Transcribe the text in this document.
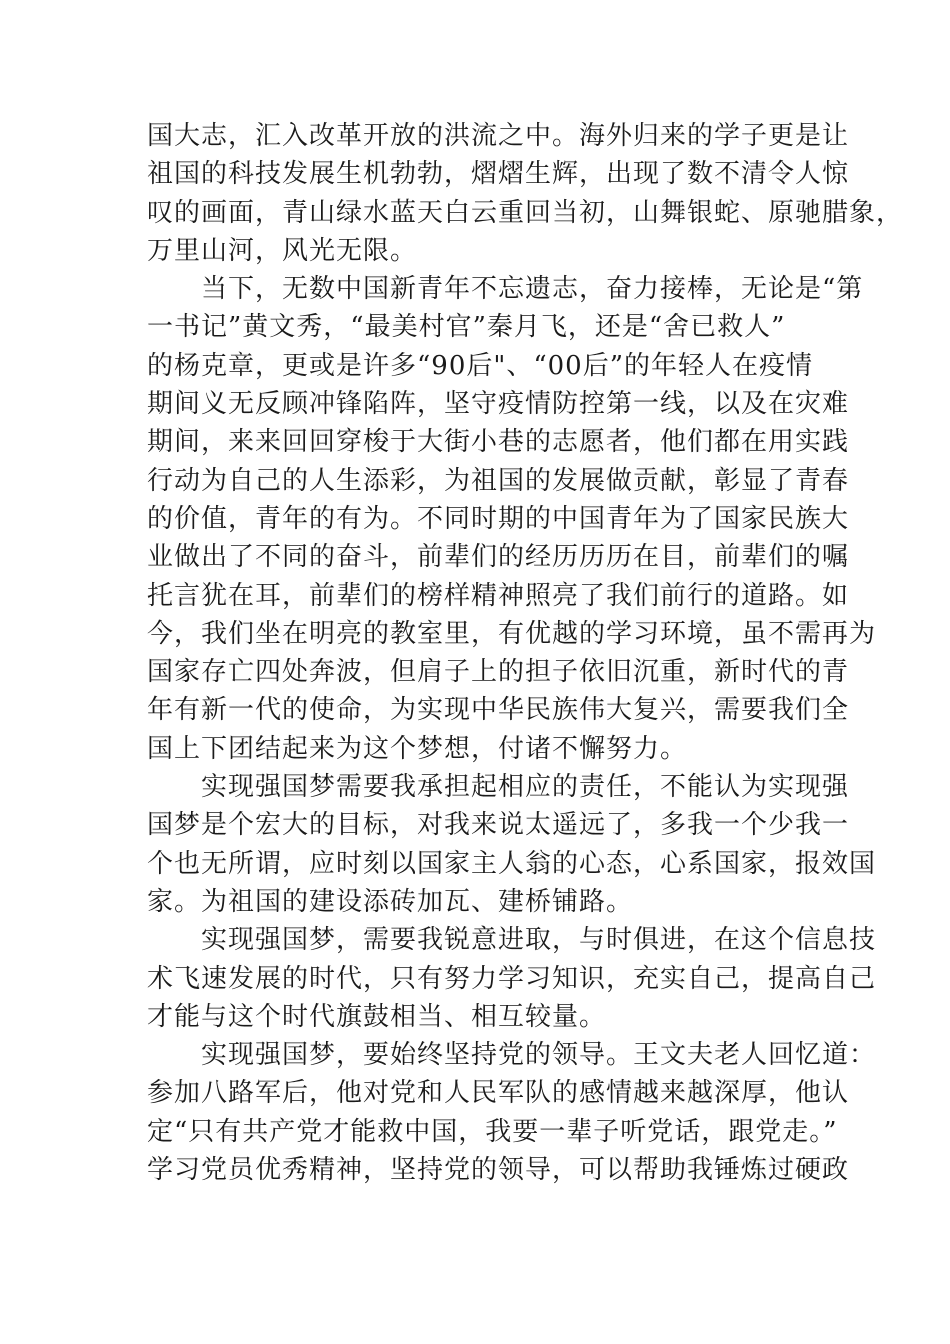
国大志，汇入改革开放的洪流之中。海外归来的学子更是让
祖国的科技发展生机勃勃，熠熠生辉，出现了数不清令人惊
叹的画面，青山绿水蓝天白云重回当初，山舞银蛇、原驰腊象，
万里山河，风光无限。
当下，无数中国新青年不忘遗志，奋力接棒，无论是“第
一书记”黄文秀，“最美村官”秦月飞，还是“舍已救人”
的杨克章，更或是许多“90后"、“00后”的年轻人在疫情
期间义无反顾冲锋陷阵，坚守疫情防控第一线，以及在灾难
期间，来来回回穿梭于大街小巷的志愿者，他们都在用实践
行动为自己的人生添彩，为祖国的发展做贡献，彰显了青春
的价值，青年的有为。不同时期的中国青年为了国家民族大
业做出了不同的奋斗，前辈们的经历历历在目，前辈们的嘱
托言犹在耳，前辈们的榜样精神照亮了我们前行的道路。如
今，我们坐在明亮的教室里，有优越的学习环境，虽不需再为
国家存亡四处奔波，但肩子上的担子依旧沉重，新时代的青
年有新一代的使命，为实现中华民族伟大复兴，需要我们全
国上下团结起来为这个梦想，付诸不懈努力。
实现强国梦需要我承担起相应的责任，不能认为实现强
国梦是个宏大的目标，对我来说太遥远了，多我一个少我一
个也无所谓，应时刻以国家主人翁的心态，心系国家，报效国
家。为祖国的建设添砖加瓦、建桥铺路。
实现强国梦，需要我锐意进取，与时俱进，在这个信息技
术飞速发展的时代，只有努力学习知识，充实自己，提高自己
才能与这个时代旗鼓相当、相互较量。
实现强国梦，要始终坚持党的领导。王文夫老人回忆道：
参加八路军后，他对党和人民军队的感情越来越深厚，他认
定“只有共产党才能救中国，我要一辈子听党话，跟党走。”
学习党员优秀精神，坚持党的领导，可以帮助我锤炼过硬政
